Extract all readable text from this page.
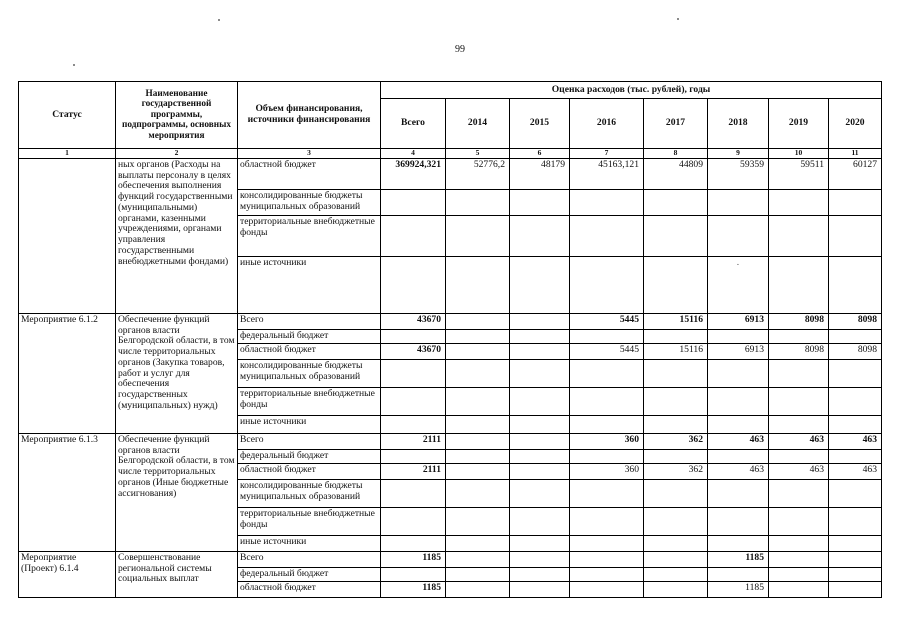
99
Статус	Наименование государственной программы, подпрограммы, основных мероприятия	Объем финансирования, источники финансирования	Оценка расходов (тыс. рублей), годы							
			Всего	2014	2015	2016	2017	2018	2019	2020
1	2	3	4	5	6	7	8	9	10	11
	ных органов (Расходы на выплаты персоналу в целях обеспечения выполнения функций государственными (муниципальными) органами, казенными учреждениями, органами управления государственными внебюджетными фондами)	областной бюджет	369924,321	52776,2	48179	45163,121	44809	59359	59511	60127
		консолидированные бюджеты муниципальных образований								
		территориальные внебюджетные фонды								
		иные источники						.		
Мероприятие 6.1.2	Обеспечение функций органов власти Белгородской области, в том числе территориальных органов (Закупка товаров, работ и услуг для обеспечения государственных (муниципальных) нужд)	Всего	43670			5445	15116	6913	8098	8098
		федеральный бюджет								
		областной бюджет	43670			5445	15116	6913	8098	8098
		консолидированные бюджеты муниципальных образований								
		территориальные внебюджетные фонды								
		иные источники								
Мероприятие 6.1.3	Обеспечение функций органов власти Белгородской области, в том числе территориальных органов (Иные бюджетные ассигнования)	Всего	2111			360	362	463	463	463
		федеральный бюджет								
		областной бюджет	2111			360	362	463	463	463
		консолидированные бюджеты муниципальных образований								
		территориальные внебюджетные фонды								
		иные источники								
Мероприятие (Проект) 6.1.4	Совершенствование региональной системы социальных выплат	Всего	1185					1185		
		федеральный бюджет								
		областной бюджет	1185					1185		
